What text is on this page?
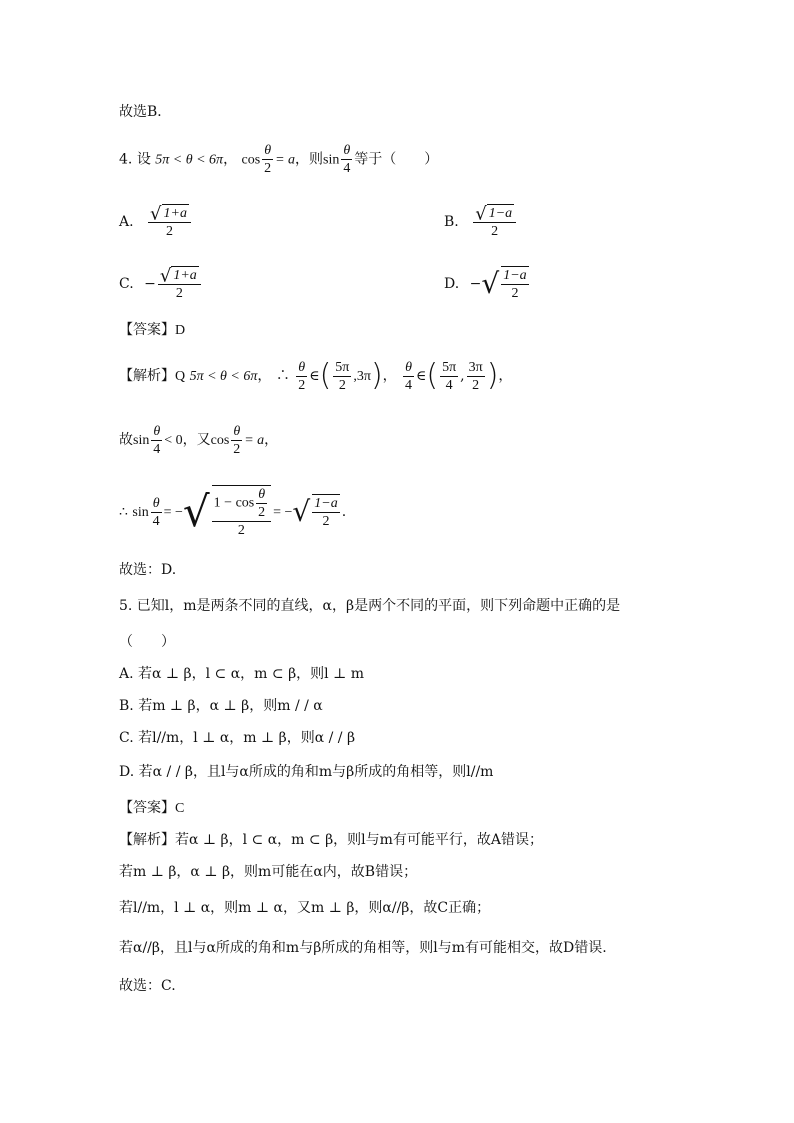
故选B．
4. 设 5π < θ < 6π， $\cos \frac{\theta}{2} = a$，则$\sin \frac{\theta}{4}$ 等于（　　）
A. $\frac{√ 1+a}{2}$	B. $\frac{√ 1-a}{2}$
C. − $\frac{√ 1+a}{2}$	D. −√ $\frac{1-a}{2}$
【答案】D
【解析】Q 5π < θ < 6π， ∴ $\frac{\theta}{2}$ ∈( $\frac{5\pi}{2} ,3\pi$)， $\frac{\theta}{4}$ ∈( $\frac{5\pi}{4}$ , $\frac{3\pi}{2}$ )，
故$\sin \frac{\theta}{4} < 0$，又$\cos \frac{\theta}{2} = a$，
∴ $\sin \frac{\theta}{4}$ = −√ $\frac{1 - \cos \frac{\theta}{2}}{2}$ = −√ $\frac{1-a}{2}$ .
故选：D.
5. 已知l，m是两条不同的直线，α，β是两个不同的平面，则下列命题中正确的是
（　　）
A. 若α ⊥ β，l ⊂ α，m ⊂ β，则l ⊥ m
B. 若m ⊥ β，α ⊥ β，则m / / α
C. 若l//m，l ⊥ α，m ⊥ β，则α / / β
D. 若α / / β，且l与α所成的角和m与β所成的角相等，则l//m
【答案】C
【解析】若α ⊥ β，l ⊂ α，m ⊂ β，则l与m有可能平行，故A错误；
若m ⊥ β，α ⊥ β，则m可能在α内，故B错误；
若l//m，l ⊥ α，则m ⊥ α，又m ⊥ β，则α//β，故C正确；
若α//β，且l与α所成的角和m与β所成的角相等，则l与m有可能相交，故D错误.
故选：C.
